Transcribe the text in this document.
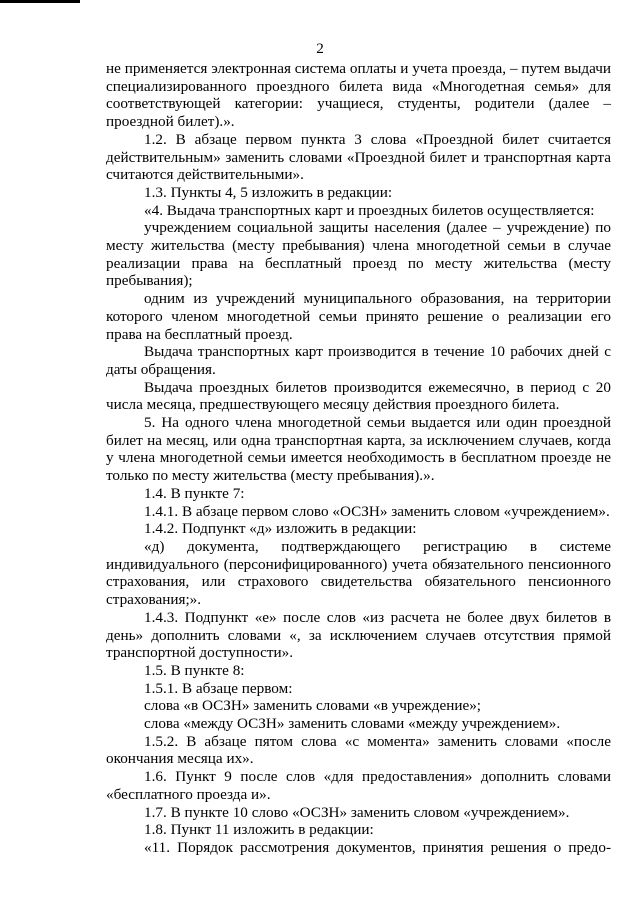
2

не применяется электронная система оплаты и учета проезда, – путем выдачи специализированного проездного билета вида «Многодетная семья» для соответствующей категории: учащиеся, студенты, родители (далее – проездной билет).».

1.2. В абзаце первом пункта 3 слова «Проездной билет считается действительным» заменить словами «Проездной билет и транспортная карта считаются действительными».

1.3. Пункты 4, 5 изложить в редакции:

«4. Выдача транспортных карт и проездных билетов осуществляется:

учреждением социальной защиты населения (далее – учреждение) по месту жительства (месту пребывания) члена многодетной семьи в случае реализации права на бесплатный проезд по месту жительства (месту пребывания);

одним из учреждений муниципального образования, на территории которого членом многодетной семьи принято решение о реализации его права на бесплатный проезд.

Выдача транспортных карт производится в течение 10 рабочих дней с даты обращения.

Выдача проездных билетов производится ежемесячно, в период с 20 числа месяца, предшествующего месяцу действия проездного билета.

5. На одного члена многодетной семьи выдается или один проездной билет на месяц, или одна транспортная карта, за исключением случаев, когда у члена многодетной семьи имеется необходимость в бесплатном проезде не только по месту жительства (месту пребывания).».

1.4. В пункте 7:

1.4.1. В абзаце первом слово «ОСЗН» заменить словом «учреждением».

1.4.2. Подпункт «д» изложить в редакции:

«д) документа, подтверждающего регистрацию в системе индивидуального (персонифицированного) учета обязательного пенсионного страхования, или страхового свидетельства обязательного пенсионного страхования;».

1.4.3. Подпункт «е» после слов «из расчета не более двух билетов в день» дополнить словами «, за исключением случаев отсутствия прямой транспортной доступности».

1.5. В пункте 8:

1.5.1. В абзаце первом:

слова «в ОСЗН» заменить словами «в учреждение»;

слова «между ОСЗН» заменить словами «между учреждением».

1.5.2. В абзаце пятом слова «с момента» заменить словами «после окончания месяца их».

1.6. Пункт 9 после слов «для предоставления» дополнить словами «бесплатного проезда и».

1.7. В пункте 10 слово «ОСЗН» заменить словом «учреждением».

1.8. Пункт 11 изложить в редакции:

«11. Порядок рассмотрения документов, принятия решения о предо-
